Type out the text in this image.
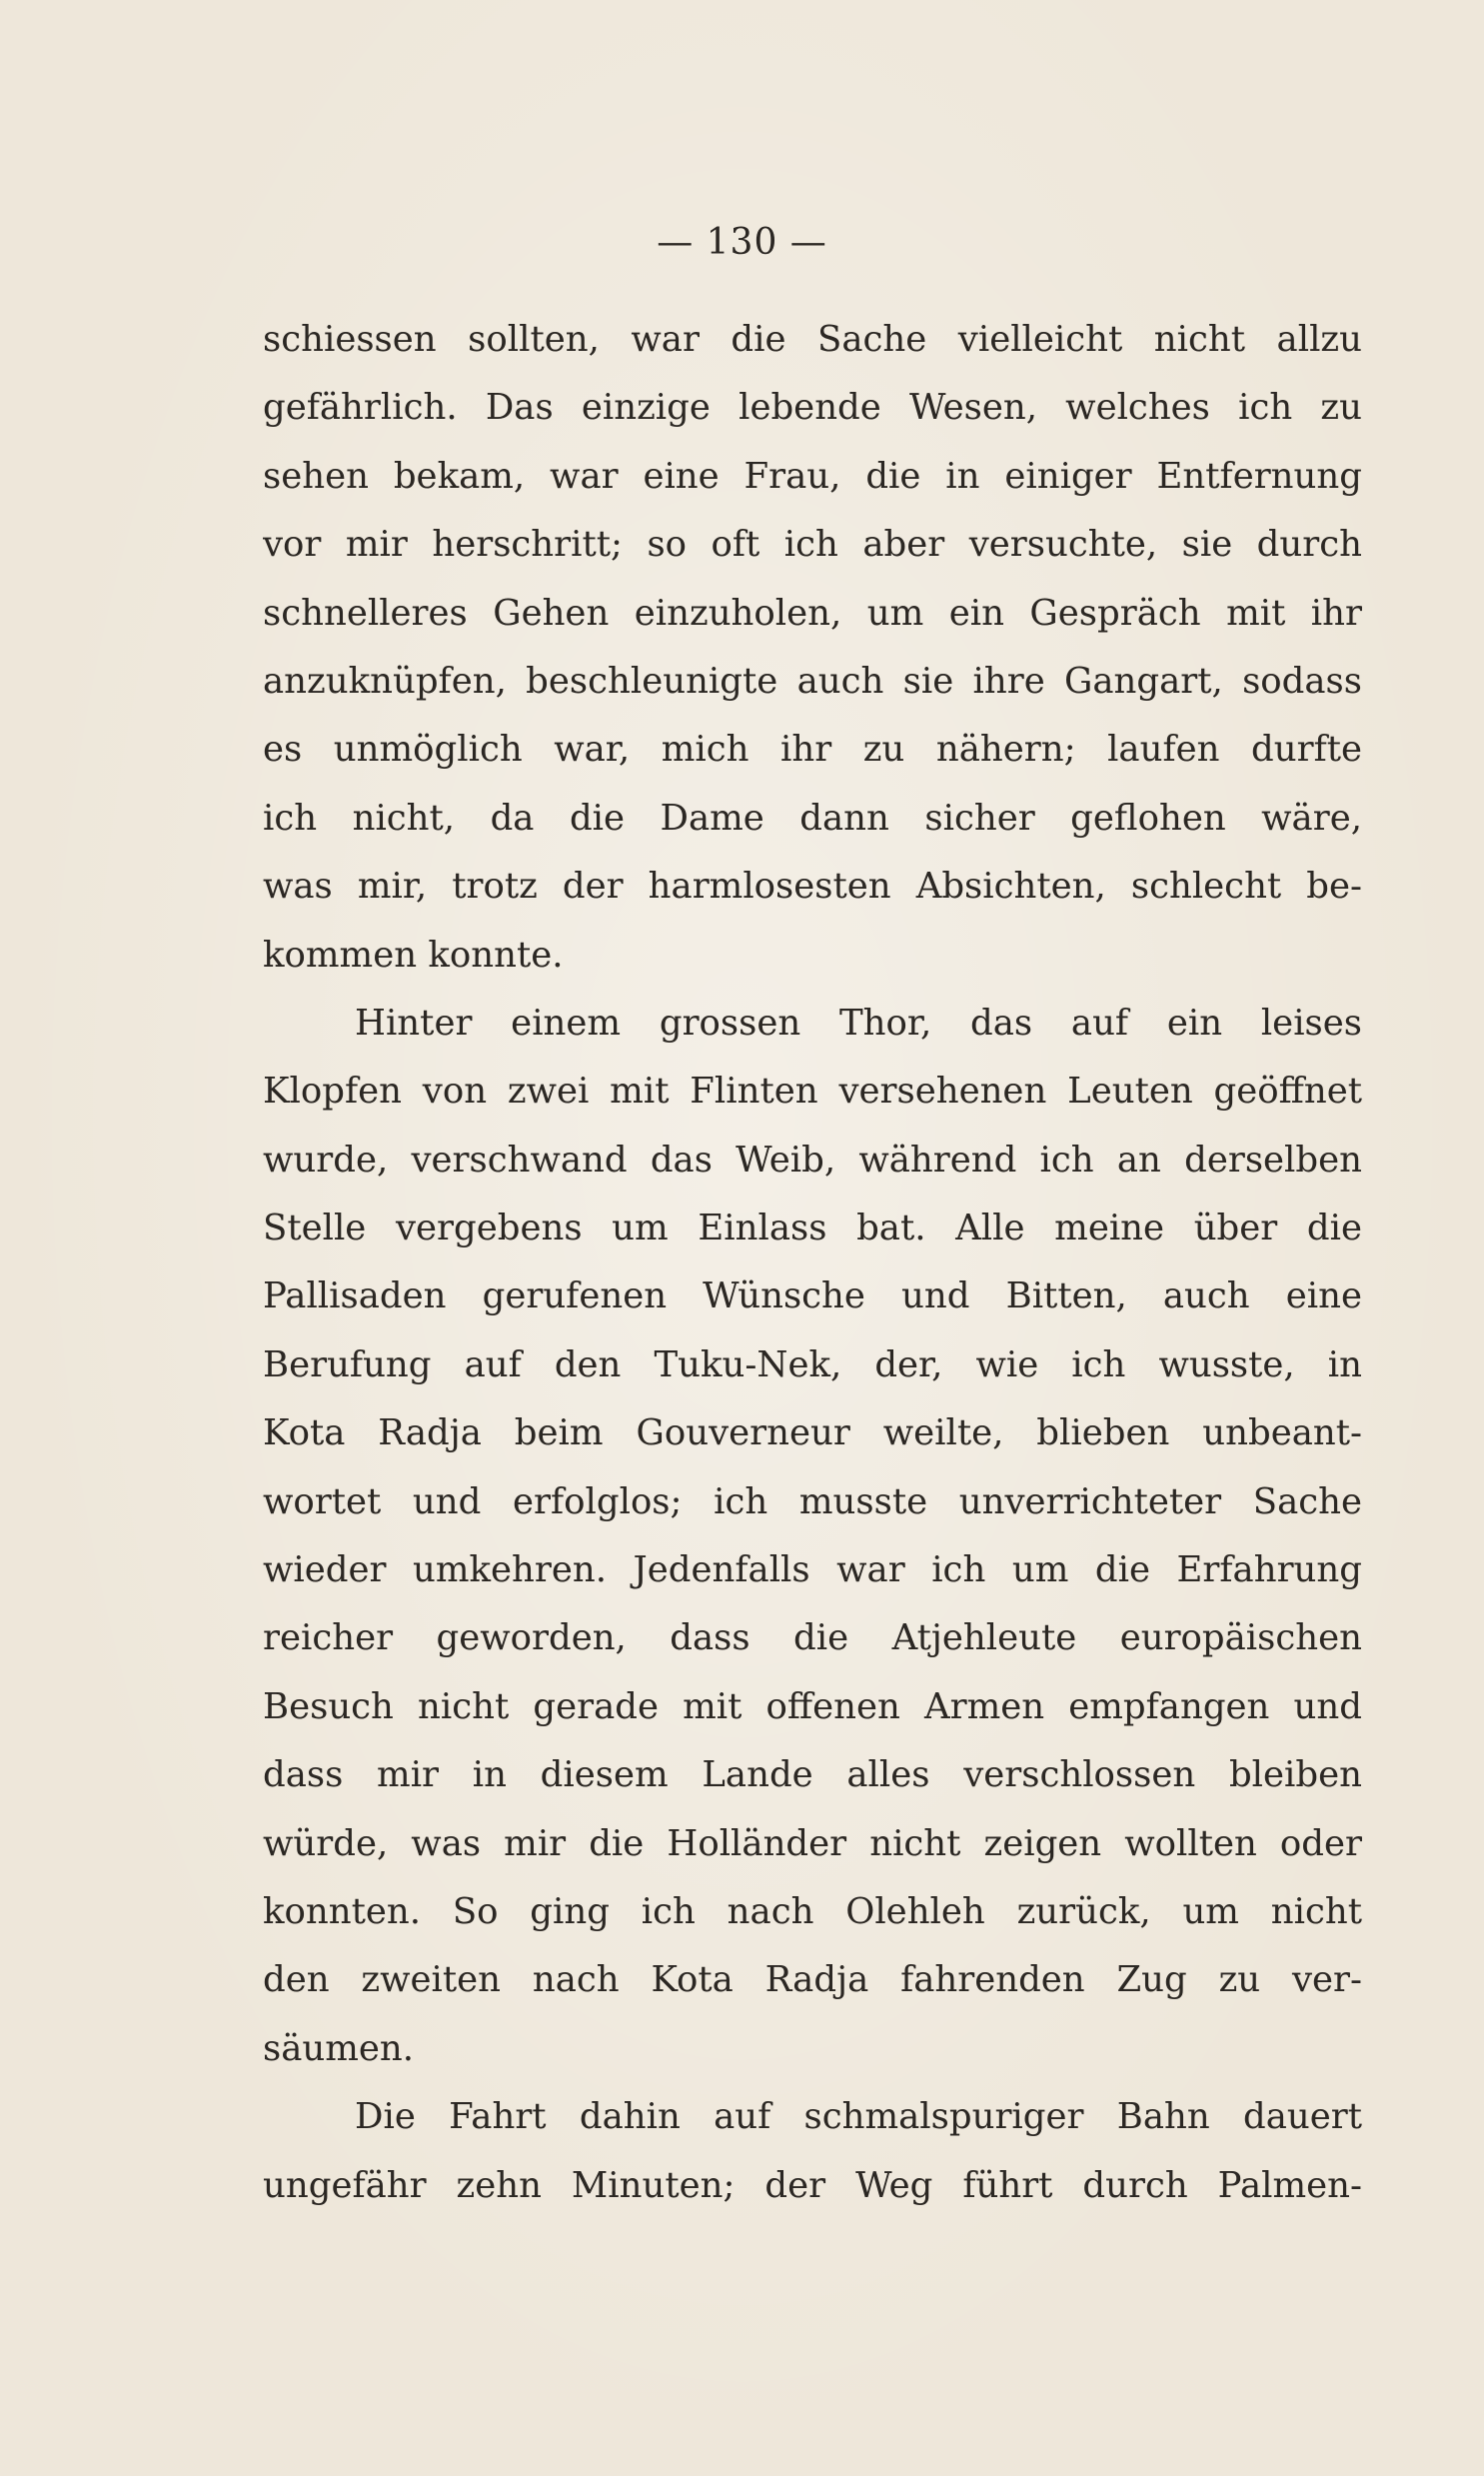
— 130 —

schiessen sollten, war die Sache vielleicht nicht allzu
gefährlich. Das einzige lebende Wesen, welches ich zu
sehen bekam, war eine Frau, die in einiger Entfernung
vor mir herschritt; so oft ich aber versuchte, sie durch
schnelleres Gehen einzuholen, um ein Gespräch mit ihr
anzuknüpfen, beschleunigte auch sie ihre Gangart, sodass
es unmöglich war, mich ihr zu nähern; laufen durfte
ich nicht, da die Dame dann sicher geflohen wäre,
was mir, trotz der harmlosesten Absichten, schlecht be-
kommen konnte.
Hinter einem grossen Thor, das auf ein leises
Klopfen von zwei mit Flinten versehenen Leuten geöffnet
wurde, verschwand das Weib, während ich an derselben
Stelle vergebens um Einlass bat. Alle meine über die
Pallisaden gerufenen Wünsche und Bitten, auch eine
Berufung auf den Tuku-Nek, der, wie ich wusste, in
Kota Radja beim Gouverneur weilte, blieben unbeant-
wortet und erfolglos; ich musste unverrichteter Sache
wieder umkehren. Jedenfalls war ich um die Erfahrung
reicher geworden, dass die Atjehleute europäischen
Besuch nicht gerade mit offenen Armen empfangen und
dass mir in diesem Lande alles verschlossen bleiben
würde, was mir die Holländer nicht zeigen wollten oder
konnten. So ging ich nach Olehleh zurück, um nicht
den zweiten nach Kota Radja fahrenden Zug zu ver-
säumen.
Die Fahrt dahin auf schmalspuriger Bahn dauert
ungefähr zehn Minuten; der Weg führt durch Palmen-
